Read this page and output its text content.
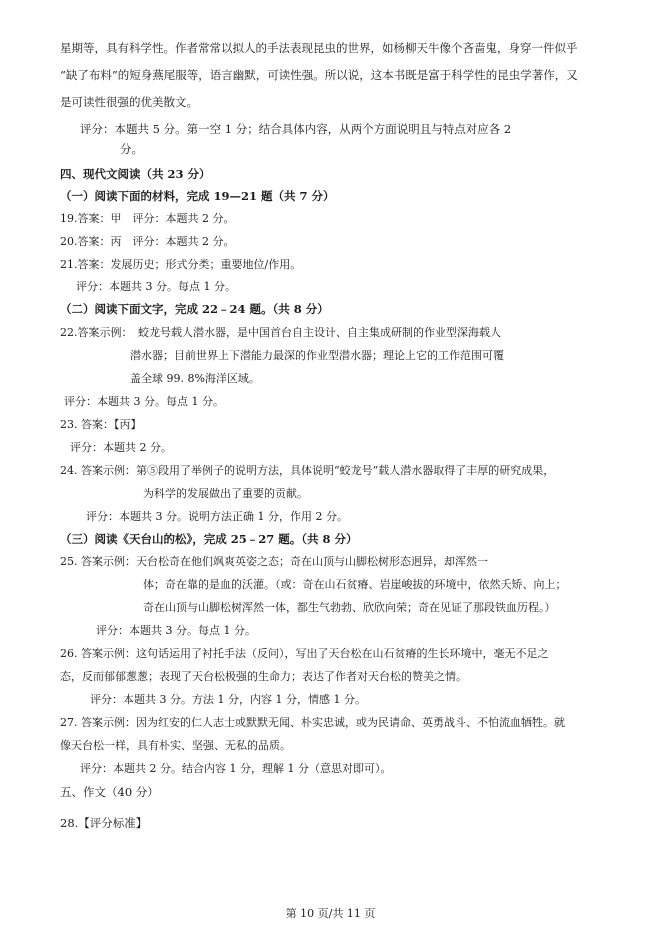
星期等，具有科学性。作者常常以拟人的手法表现昆虫的世界，如杨柳天牛像个吝啬鬼，身穿一件似乎
“缺了布料”的短身燕尾服等，语言幽默，可读性强。所以说，这本书既是富于科学性的昆虫学著作，又
是可读性很强的优美散文。
评分：本题共 5 分。第一空 1 分；结合具体内容，从两个方面说明且与特点对应各 2
分。
四、现代文阅读（共 23 分）
（一）阅读下面的材料，完成 19—21 题（共 7 分）
19.答案：甲　评分：本题共 2 分。
20.答案：丙　评分：本题共 2 分。
21.答案：发展历史；形式分类；重要地位/作用。
评分：本题共 3 分。每点 1 分。
（二）阅读下面文字，完成 22﹣24 题。（共 8 分）
22.答案示例：　蛟龙号载人潜水器，是中国首台自主设计、自主集成研制的作业型深海载人
潜水器；目前世界上下潜能力最深的作业型潜水器；理论上它的工作范围可覆
盖全球 99. 8%海洋区域。
评分：本题共 3 分。每点 1 分。
23. 答案：【丙】
评分：本题共 2 分。
24. 答案示例：第⑤段用了举例子的说明方法，具体说明“蛟龙号”载人潜水器取得了丰厚的研究成果，
为科学的发展做出了重要的贡献。
评分：本题共 3 分。说明方法正确 1 分，作用 2 分。
（三）阅读《天台山的松》，完成 25﹣27 题。（共 8 分）
25. 答案示例：天台松奇在他们飒爽英姿之态；奇在山顶与山脚松树形态迥异，却浑然一
体；奇在靠的是血的沃灌。（或：奇在山石贫瘠、岩崖峻拔的环境中，依然夭矫、向上；
奇在山顶与山脚松树浑然一体，都生气勃勃、欣欣向荣；奇在见证了那段铁血历程。）
评分：本题共 3 分。每点 1 分。
26. 答案示例：这句话运用了衬托手法（反问），写出了天台松在山石贫瘠的生长环境中，毫无不足之
态，反而郁郁葱葱；表现了天台松极强的生命力；表达了作者对天台松的赞美之情。
评分：本题共 3 分。方法 1 分，内容 1 分，情感 1 分。
27. 答案示例：因为红安的仁人志士或默默无闻、朴实忠诚，或为民请命、英勇战斗、不怕流血牺牲。就
像天台松一样，具有朴实、坚强、无私的品质。
评分：本题共 2 分。结合内容 1 分，理解 1 分（意思对即可）。
五、作文（40 分）
28.【评分标准】
第 10 页/共 11 页
